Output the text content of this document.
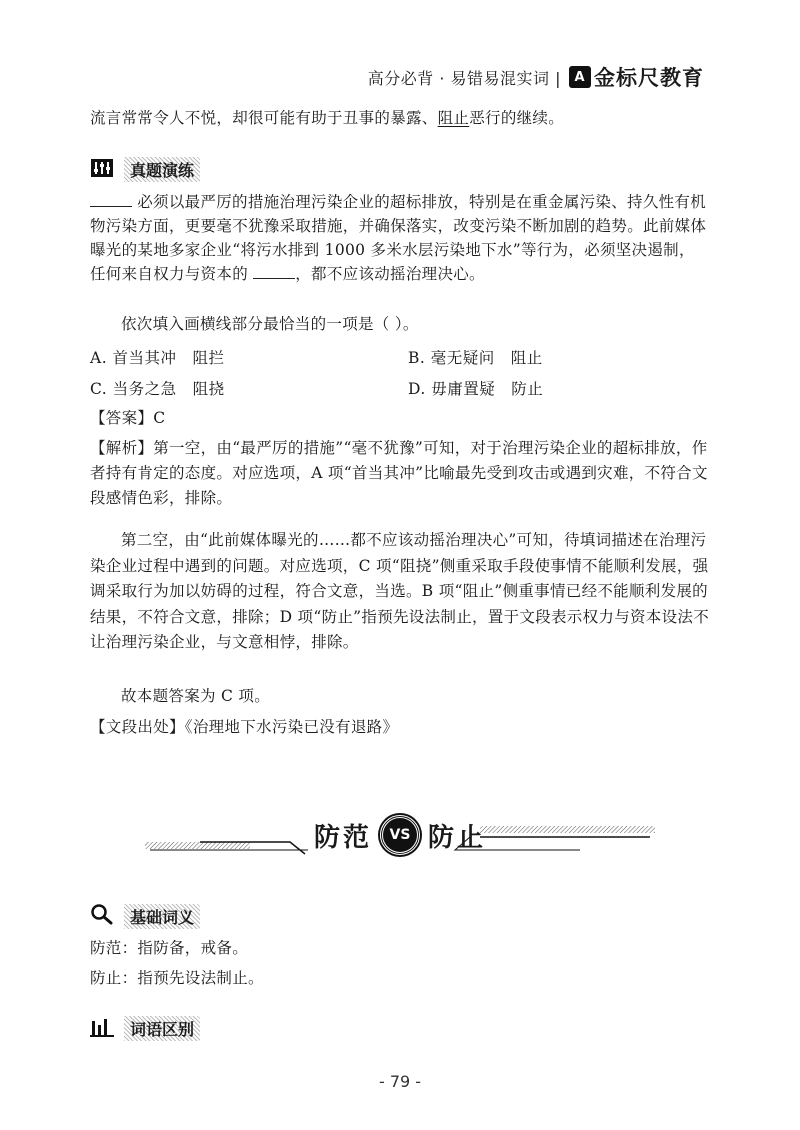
高分必背 · 易错易混实词 |	A 金标尺教育

流言常常令人不悦，却很可能有助于丑事的暴露、阻止恶行的继续。

真题演练

必须以最严厉的措施治理污染企业的超标排放，特别是在重金属污染、持久性有机物污染方面，更要毫不犹豫采取措施，并确保落实，改变污染不断加剧的趋势。此前媒体曝光的某地多家企业“将污水排到 1000 多米水层污染地下水”等行为，必须坚决遏制，任何来自权力与资本的	，都不应该动摇治理决心。

依次填入画横线部分最恰当的一项是（ ）。

A. 首当其冲　阻拦	B. 毫无疑问　阻止
C. 当务之急　阻挠	D. 毋庸置疑　防止

【答案】C

【解析】第一空，由“最严厉的措施”“毫不犹豫”可知，对于治理污染企业的超标排放，作者持有肯定的态度。对应选项，A 项“首当其冲”比喻最先受到攻击或遇到灾难，不符合文段感情色彩，排除。

第二空，由“此前媒体曝光的……都不应该动摇治理决心”可知，待填词描述在治理污染企业过程中遇到的问题。对应选项，C 项“阻挠”侧重采取手段使事情不能顺利发展，强调采取行为加以妨碍的过程，符合文意，当选。B 项“阻止”侧重事情已经不能顺利发展的结果，不符合文意，排除；D 项“防止”指预先设法制止，置于文段表示权力与资本设法不让治理污染企业，与文意相悖，排除。

故本题答案为 C 项。

【文段出处】《治理地下水污染已没有退路》

防范	VS 防止
基础词义

防范：指防备，戒备。

防止：指预先设法制止。

词语区别
- 79 -
